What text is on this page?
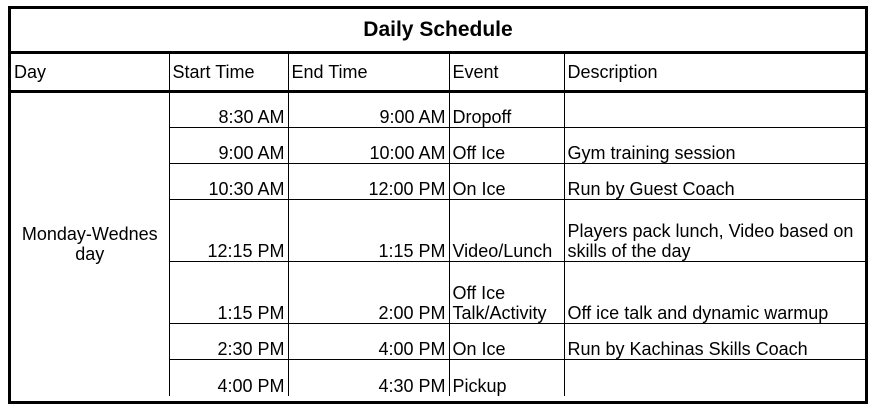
Daily Schedule				
Day	Start Time	End Time	Event	Description
Monday-Wednesday	8:30 AM	9:00 AM	Dropoff	
	9:00 AM	10:00 AM	Off Ice	Gym training session
	10:30 AM	12:00 PM	On Ice	Run by Guest Coach
	12:15 PM	1:15 PM	Video/Lunch	Players pack lunch, Video based on skills of the day
	1:15 PM	2:00 PM	Off Ice Talk/Activity	Off ice talk and dynamic warmup
	2:30 PM	4:00 PM	On Ice	Run by Kachinas Skills Coach
	4:00 PM	4:30 PM	Pickup	
